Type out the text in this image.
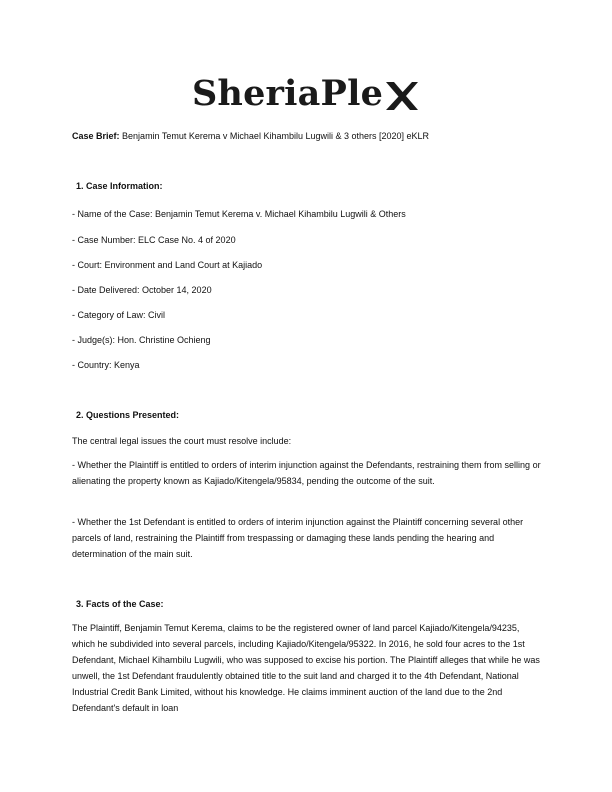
SheriaPle
Case Brief: Benjamin Temut Kerema v Michael Kihambilu Lugwili & 3 others [2020] eKLR
1. Case Information:
- Name of the Case: Benjamin Temut Kerema v. Michael Kihambilu Lugwili & Others
- Case Number: ELC Case No. 4 of 2020
- Court: Environment and Land Court at Kajiado
- Date Delivered: October 14, 2020
- Category of Law: Civil
- Judge(s): Hon. Christine Ochieng
- Country: Kenya
2. Questions Presented:
The central legal issues the court must resolve include:
- Whether the Plaintiff is entitled to orders of interim injunction against the Defendants, restraining them from selling or alienating the property known as Kajiado/Kitengela/95834, pending the outcome of the suit.
- Whether the 1st Defendant is entitled to orders of interim injunction against the Plaintiff concerning several other parcels of land, restraining the Plaintiff from trespassing or damaging these lands pending the hearing and determination of the main suit.
3. Facts of the Case:
The Plaintiff, Benjamin Temut Kerema, claims to be the registered owner of land parcel Kajiado/Kitengela/94235, which he subdivided into several parcels, including Kajiado/Kitengela/95322. In 2016, he sold four acres to the 1st Defendant, Michael Kihambilu Lugwili, who was supposed to excise his portion. The Plaintiff alleges that while he was unwell, the 1st Defendant fraudulently obtained title to the suit land and charged it to the 4th Defendant, National Industrial Credit Bank Limited, without his knowledge. He claims imminent auction of the land due to the 2nd Defendant's default in loan
